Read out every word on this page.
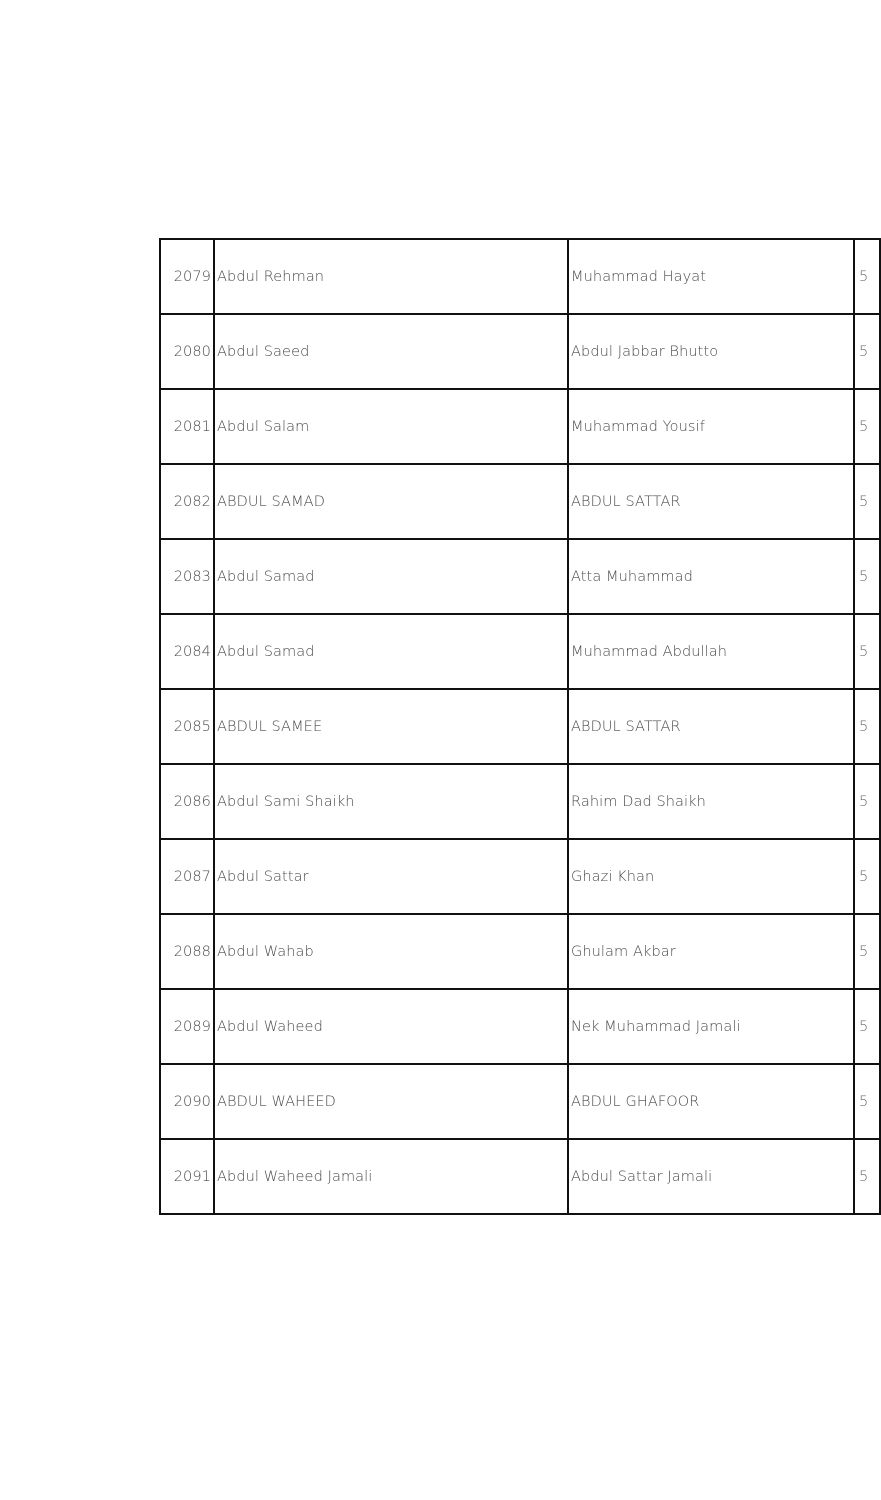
2079	Abdul Rehman	Muhammad Hayat	5
2080	Abdul Saeed	Abdul Jabbar Bhutto	5
2081	Abdul Salam	Muhammad Yousif	5
2082	ABDUL SAMAD	ABDUL SATTAR	5
2083	Abdul Samad	Atta Muhammad	5
2084	Abdul Samad	Muhammad Abdullah	5
2085	ABDUL SAMEE	ABDUL SATTAR	5
2086	Abdul Sami Shaikh	Rahim Dad Shaikh	5
2087	Abdul Sattar	Ghazi Khan	5
2088	Abdul Wahab	Ghulam Akbar	5
2089	Abdul Waheed	Nek Muhammad Jamali	5
2090	ABDUL WAHEED	ABDUL GHAFOOR	5
2091	Abdul Waheed Jamali	Abdul Sattar Jamali	5
